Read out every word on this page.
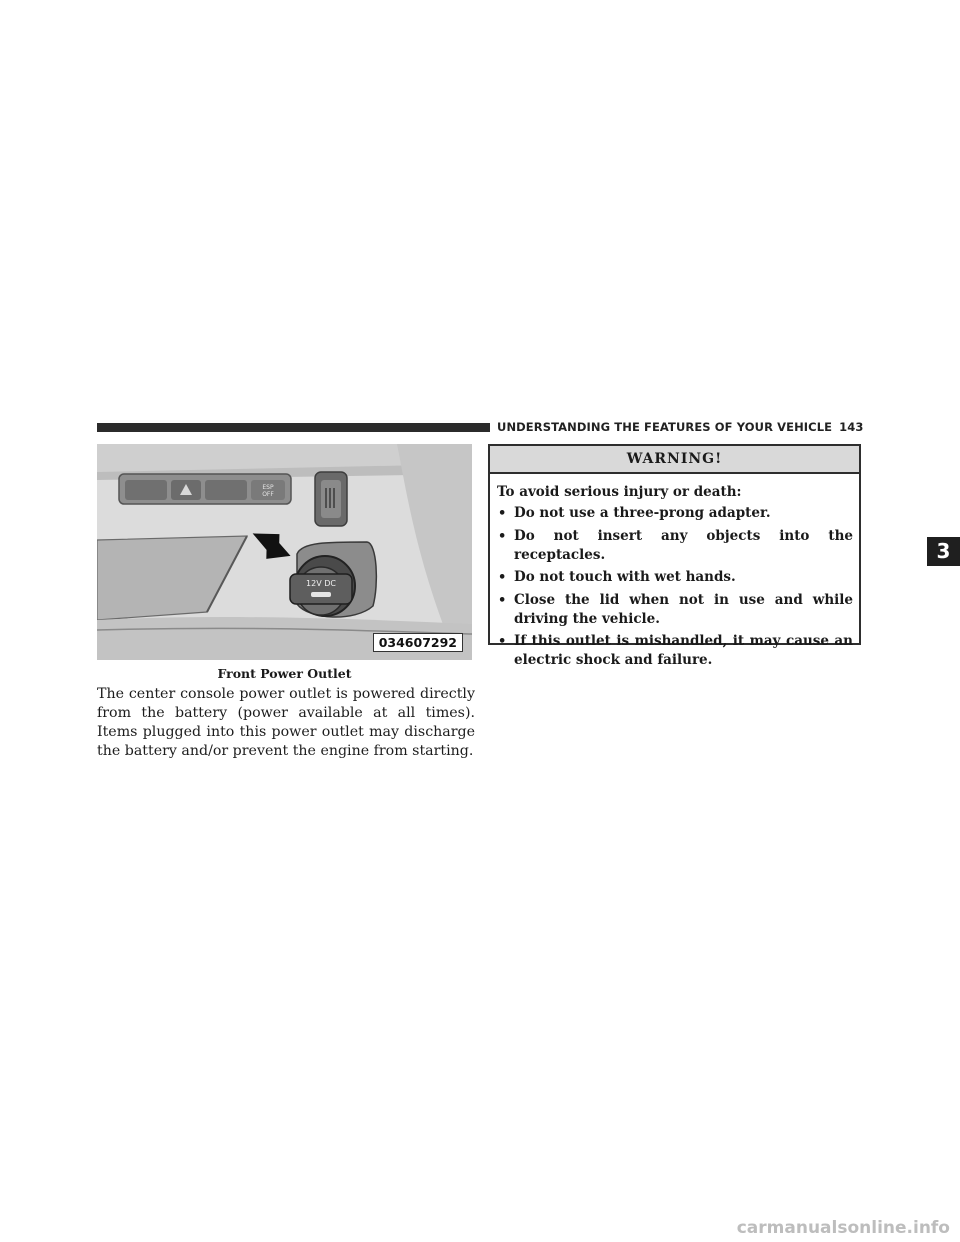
UNDERSTANDING THE FEATURES OF YOUR VEHICLE 143
ESP
OFF
12V DC
034607292
Front Power Outlet
The center console power outlet is powered directly from the battery (power available at all times). Items plugged into this power outlet may discharge the battery and/or prevent the engine from starting.
WARNING!
To avoid serious injury or death:
• Do not use a three-prong adapter.
• Do not insert any objects into the receptacles.
• Do not touch with wet hands.
• Close the lid when not in use and while driving the vehicle.
• If this outlet is mishandled, it may cause an electric shock and failure.
3
carmanualsonline.info
